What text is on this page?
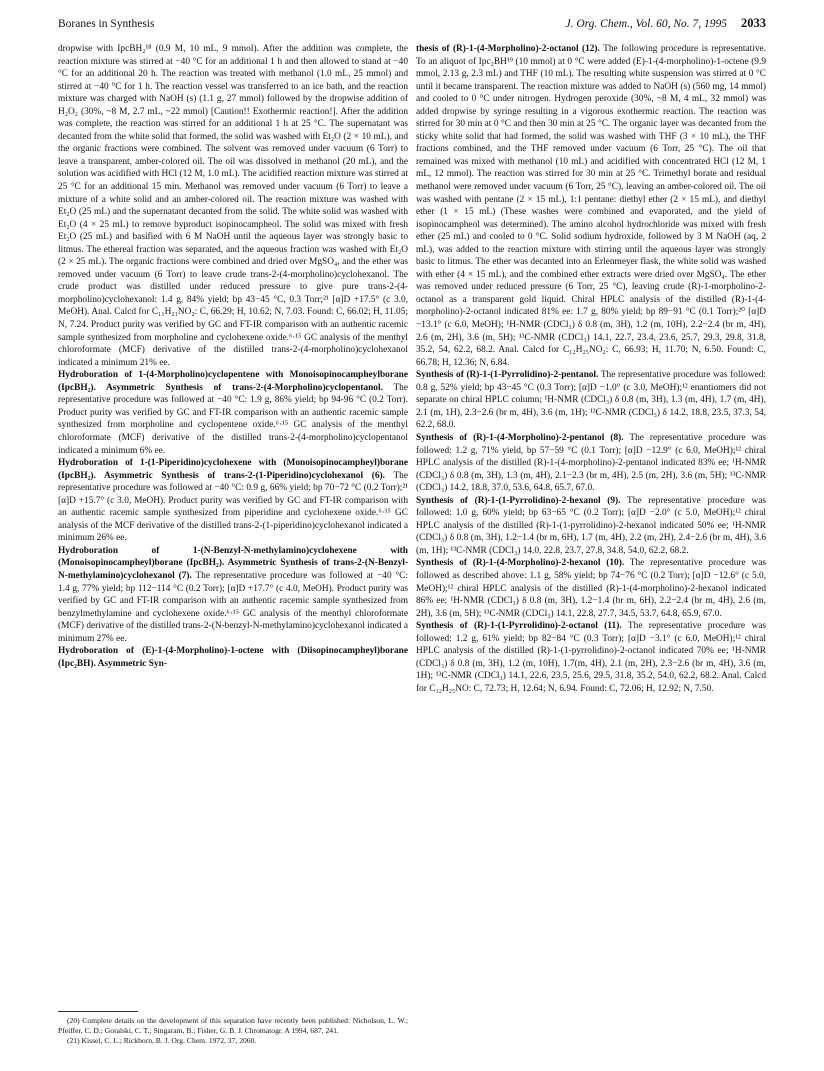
Boranes in Synthesis	J. Org. Chem., Vol. 60, No. 7, 1995 2033

dropwise with IpcBH₂¹⁸ (0.9 M, 10 mL, 9 mmol). After the addition was complete, the reaction mixture was stirred at −40 °C for an additional 1 h and then allowed to stand at −40 °C for an additional 20 h. The reaction was treated with methanol (1.0 mL, 25 mmol) and stirred at −40 °C for 1 h. The reaction vessel was transferred to an ice bath, and the reaction mixture was charged with NaOH (s) (1.1 g, 27 mmol) followed by the dropwise addition of H₂O₂ (30%, ~8 M, 2.7 mL, ~22 mmol) [Caution!! Exothermic reaction!]. After the addition was complete, the reaction was stirred for an additional 1 h at 25 °C. The supernatant was decanted from the white solid that formed, the solid was washed with Et₂O (2 × 10 mL), and the organic fractions were combined. The solvent was removed under vacuum (6 Torr) to leave a transparent, amber-colored oil. The oil was dissolved in methanol (20 mL), and the solution was acidified with HCl (12 M, 1.0 mL). The acidified reaction mixture was stirred at 25 °C for an additional 15 min. Methanol was removed under vacuum (6 Torr) to leave a mixture of a white solid and an amber-colored oil. The reaction mixture was washed with Et₂O (25 mL) and the supernatant decanted from the solid. The white solid was washed with Et₂O (4 × 25 mL) to remove byproduct isopinocampheol. The solid was mixed with fresh Et₂O (25 mL) and basified with 6 M NaOH until the aqueous layer was strongly basic to litmus. The ethereal fraction was separated, and the aqueous fraction was washed with Et₂O (2 × 25 mL). The organic fractions were combined and dried over MgSO₄, and the ether was removed under vacuum (6 Torr) to leave crude trans-2-(4-morpholino)cyclohexanol. The crude product was distilled under reduced pressure to give pure trans-2-(4-morpholino)cyclohexanol: 1.4 g, 84% yield; bp 43−45 °C, 0.3 Torr;²¹ [α]D +17.5° (c 3.0, MeOH). Anal. Calcd for C₁₁H₂₁NO₂: C, 66.29; H, 10.62; N, 7.03. Found: C, 66.02; H, 11.05; N, 7.24. Product purity was verified by GC and FT-IR comparison with an authentic racemic sample synthesized from morpholine and cyclohexene oxide.⁶·¹⁵ GC analysis of the menthyl chloroformate (MCF) derivative of the distilled trans-2-(4-morpholino)cyclohexanol indicated a minimum 21% ee.

Hydroboration of 1-(4-Morpholino)cyclopentene with Monoisopinocampheylborane (IpcBH₂). Asymmetric Synthesis of trans-2-(4-Morpholino)cyclopentanol. The representative procedure was followed at −40 °C: 1.9 g, 86% yield; bp 94-96 °C (0.2 Torr). Product purity was verified by GC and FT-IR comparison with an authentic racemic sample synthesized from morpholine and cyclopentene oxide.⁶·¹⁵ GC analysis of the menthyl chloroformate (MCF) derivative of the distilled trans-2-(4-morpholino)cyclopentanol indicated a minimum 6% ee.

Hydroboration of 1-(1-Piperidino)cyclohexene with (Monoisopinocampheyl)borane (IpcBH₂). Asymmetric Synthesis of trans-2-(1-Piperidino)cyclohexanol (6). The representative procedure was followed at −40 °C: 0.9 g, 66% yield; bp 70−72 °C (0.2 Torr);²¹ [α]D +15.7° (c 3.0, MeOH). Product purity was verified by GC and FT-IR comparison with an authentic racemic sample synthesized from piperidine and cyclohexene oxide.⁶·¹⁵ GC analysis of the MCF derivative of the distilled trans-2-(1-piperidino)cyclohexanol indicated a minimum 26% ee.

Hydroboration of 1-(N-Benzyl-N-methylamino)cyclohexene with (Monoisopinocampheyl)borane (IpcBH₂). Asymmetric Synthesis of trans-2-(N-Benzyl-N-methylamino)cyclohexanol (7). The representative procedure was followed at −40 °C: 1.4 g, 77% yield; bp 112−114 °C (0.2 Torr); [α]D +17.7° (c 4.0, MeOH). Product purity was verified by GC and FT-IR comparison with an authentic racemic sample synthesized from benzylmethylamine and cyclohexene oxide.⁶·¹⁵ GC analysis of the menthyl chloroformate (MCF) derivative of the distilled trans-2-(N-benzyl-N-methylamino)cyclohexanol indicated a minimum 27% ee.

Hydroboration of (E)-1-(4-Morpholino)-1-octene with (Diisopinocampheyl)borane (Ipc₂BH). Asymmetric Syn-

(20) Complete details on the development of this separation have recently been published: Nicholson, L. W.; Pfeiffer, C. D.; Goralski, C. T.; Singaram, B.; Fisher, G. B. J. Chromatogr. A 1994, 687, 241.

(21) Kissel, C. L.; Rickborn, B. J. Org. Chem. 1972, 37, 2060.

thesis of (R)-1-(4-Morpholino)-2-octanol (12). The following procedure is representative. To an aliquot of Ipc₂BH¹⁹ (10 mmol) at 0 °C were added (E)-1-(4-morpholino)-1-octene (9.9 mmol, 2.13 g, 2.3 mL) and THF (10 mL). The resulting white suspension was stirred at 0 °C until it became transparent. The reaction mixture was added to NaOH (s) (560 mg, 14 mmol) and cooled to 0 °C under nitrogen. Hydrogen peroxide (30%, ~8 M, 4 mL, 32 mmol) was added dropwise by syringe resulting in a vigorous exothermic reaction. The reaction was stirred for 30 min at 0 °C and then 30 min at 25 °C. The organic layer was decanted from the sticky white solid that had formed, the solid was washed with THF (3 × 10 mL), the THF fractions combined, and the THF removed under vacuum (6 Torr, 25 °C). The oil that remained was mixed with methanol (10 mL) and acidified with concentrated HCl (12 M, 1 mL, 12 mmol). The reaction was stirred for 30 min at 25 °C. Trimethyl borate and residual methanol were removed under vacuum (6 Torr, 25 °C), leaving an amber-colored oil. The oil was washed with pentane (2 × 15 mL), 1:1 pentane: diethyl ether (2 × 15 mL), and diethyl ether (1 × 15 mL) (These washes were combined and evaporated, and the yield of isopinocampheol was determined). The amino alcohol hydrochloride was mixed with fresh ether (25 mL) and cooled to 0 °C. Solid sodium hydroxide, followed by 3 M NaOH (aq, 2 mL), was added to the reaction mixture with stirring until the aqueous layer was strongly basic to litmus. The ether was decanted into an Erlenmeyer flask, the white solid was washed with ether (4 × 15 mL), and the combined ether extracts were dried over MgSO₄. The ether was removed under reduced pressure (6 Torr, 25 °C), leaving crude (R)-1-morpholino-2-octanol as a transparent gold liquid. Chiral HPLC analysis of the distilled (R)-1-(4-morpholino)-2-octanol indicated 81% ee: 1.7 g, 80% yield; bp 89−91 °C (0.1 Torr);²⁰ [α]D −13.1° (c 6.0, MeOH); ¹H-NMR (CDCl₃) δ 0.8 (m, 3H), 1.2 (m, 10H), 2.2−2.4 (br m, 4H), 2.6 (m, 2H), 3.6 (m, 5H); ¹³C-NMR (CDCl₃) 14.1, 22.7, 23.4, 23.6, 25.7, 29.3, 29.8, 31.8, 35.2, 54, 62.2, 68.2. Anal. Calcd for C₁₂H₂₅NO₂: C, 66.93; H, 11.70; N, 6.50. Found: C, 66.78; H, 12.36; N, 6.84.

Synthesis of (R)-1-(1-Pyrrolidino)-2-pentanol. The representative procedure was followed: 0.8 g, 52% yield; bp 43−45 °C (0.3 Torr); [α]D −1.0° (c 3.0, MeOH);¹² enantiomers did not separate on chiral HPLC column; ¹H-NMR (CDCl₃) δ 0.8 (m, 3H), 1.3 (m, 4H), 1.7 (m, 4H), 2.1 (m, 1H), 2.3−2.6 (br m, 4H), 3.6 (m, 1H); ¹³C-NMR (CDCl₃) δ 14.2, 18.8, 23.5, 37.3, 54, 62.2, 68.0.

Synthesis of (R)-1-(4-Morpholino)-2-pentanol (8). The representative procedure was followed: 1.2 g, 71% yield, bp 57−59 °C (0.1 Torr); [α]D −12.9° (c 6.0, MeOH);¹² chiral HPLC analysis of the distilled (R)-1-(4-morpholino)-2-pentanol indicated 83% ee; ¹H-NMR (CDCl₃) δ 0.8 (m, 3H), 1.3 (m, 4H), 2.1−2.3 (br m, 4H), 2.5 (m, 2H), 3.6 (m, 5H); ¹³C-NMR (CDCl₃) 14.2, 18.8, 37.0, 53.6, 64.8, 65.7, 67.0.

Synthesis of (R)-1-(1-Pyrrolidino)-2-hexanol (9). The representative procedure was followed: 1.0 g, 60% yield; bp 63−65 °C (0.2 Torr); [α]D −2.0° (c 5.0, MeOH);¹² chiral HPLC analysis of the distilled (R)-1-(1-pyrrolidino)-2-hexanol indicated 50% ee; ¹H-NMR (CDCl₃) δ 0.8 (m, 3H), 1.2−1.4 (br m, 6H), 1.7 (m, 4H), 2.2 (m, 2H), 2.4−2.6 (br m, 4H), 3.6 (m, 1H); ¹³C-NMR (CDCl₃) 14.0, 22.8, 23.7, 27.8, 34.8, 54.0, 62.2, 68.2.

Synthesis of (R)-1-(4-Morpholino)-2-hexanol (10). The representative procedure was followed as described above: 1.1 g, 58% yield; bp 74−76 °C (0.2 Torr); [α]D −12.6° (c 5.0, MeOH);¹² chiral HPLC analysis of the distilled (R)-1-(4-morpholino)-2-hexanol indicated 86% ee; ¹H-NMR (CDCl₃) δ 0.8 (m, 3H), 1.2−1.4 (br m, 6H), 2.2−2.4 (br m, 4H), 2.6 (m, 2H), 3.6 (m, 5H); ¹³C-NMR (CDCl₃) 14.1, 22.8, 27.7, 34.5, 53.7, 64.8, 65.9, 67.0.

Synthesis of (R)-1-(1-Pyrrolidino)-2-octanol (11). The representative procedure was followed: 1.2 g, 61% yield; bp 82−84 °C (0.3 Torr); [α]D −3.1° (c 6.0, MeOH);¹² chiral HPLC analysis of the distilled (R)-1-(1-pyrrolidino)-2-octanol indicated 70% ee; ¹H-NMR (CDCl₃) δ 0.8 (m, 3H), 1.2 (m, 10H), 1.7(m, 4H), 2.1 (m, 2H), 2.3−2.6 (br m, 4H), 3.6 (m, 1H); ¹³C-NMR (CDCl₃) 14.1, 22.6, 23.5, 25.6, 29.5, 31.8, 35.2, 54.0, 62.2, 68.2. Anal. Calcd for C₁₂H₂₅NO: C, 72.73; H, 12.64; N, 6.94. Found: C, 72.06; H, 12.92; N, 7.50.
